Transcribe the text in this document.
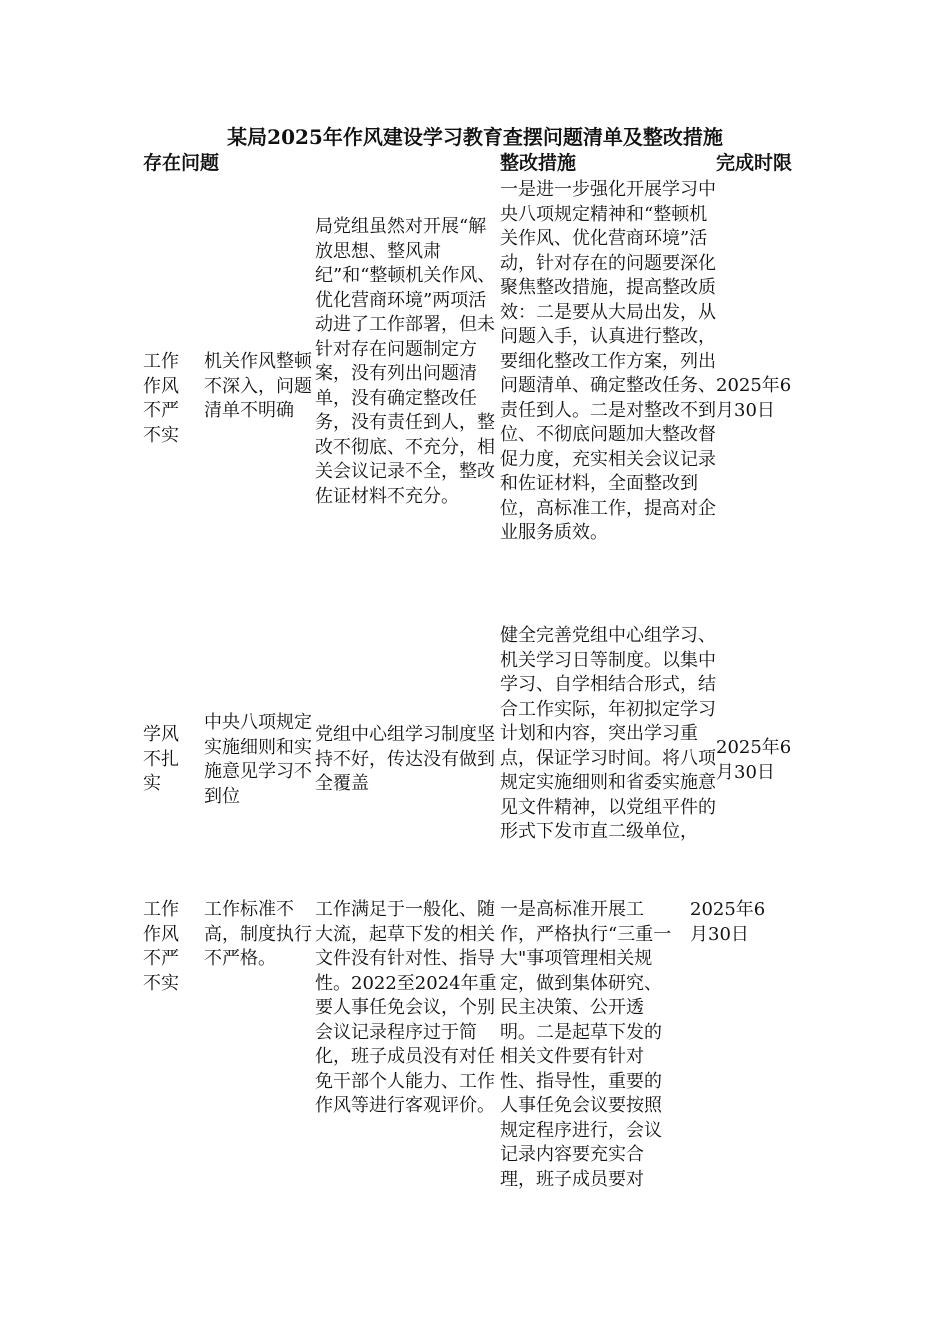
某局2025年作风建设学习教育查摆问题清单及整改措施
存在问题	整改措施	完成时限
工作作风不严不实
机关作风整顿不深入，问题清单不明确
局党组虽然对开展“解放思想、整风肃纪”和“整顿机关作风、优化营商环境”两项活动进了工作部署，但未针对存在问题制定方案，没有列出问题清单，没有确定整改任务，没有责任到人，整改不彻底、不充分，相关会议记录不全，整改佐证材料不充分。
一是进一步强化开展学习中央八项规定精神和“整顿机关作风、优化营商环境”活动，针对存在的问题要深化聚焦整改措施，提高整改质效：二是要从大局出发，从问题入手，认真进行整改，要细化整改工作方案，列出问题清单、确定整改任务、责任到人。二是对整改不到位、不彻底问题加大整改督促力度，充实相关会议记录和佐证材料，全面整改到位，高标准工作，提高对企业服务质效。
2025年6月30日
学风不扎实
中央八项规定实施细则和实施意见学习不到位
党组中心组学习制度坚持不好，传达没有做到全覆盖
健全完善党组中心组学习、机关学习日等制度。以集中学习、自学相结合形式，结合工作实际，年初拟定学习计划和内容，突出学习重点，保证学习时间。将八项规定实施细则和省委实施意见文件精神，以党组平件的形式下发市直二级单位，
2025年6月30日
工作作风不严不实
工作标准不高，制度执行不严格。
工作满足于一般化、随大流，起草下发的相关文件没有针对性、指导性。2022至2024年重要人事任免会议，个别会议记录程序过于简化，班子成员没有对任免干部个人能力、工作作风等进行客观评价。
一是高标准开展工作，严格执行“三重一大"事项管理相关规定，做到集体研究、民主决策、公开透明。二是起草下发的相关文件要有针对性、指导性，重要的人事任免会议要按照规定程序进行，会议记录内容要充实合理，班子成员要对
2025年6月30日
